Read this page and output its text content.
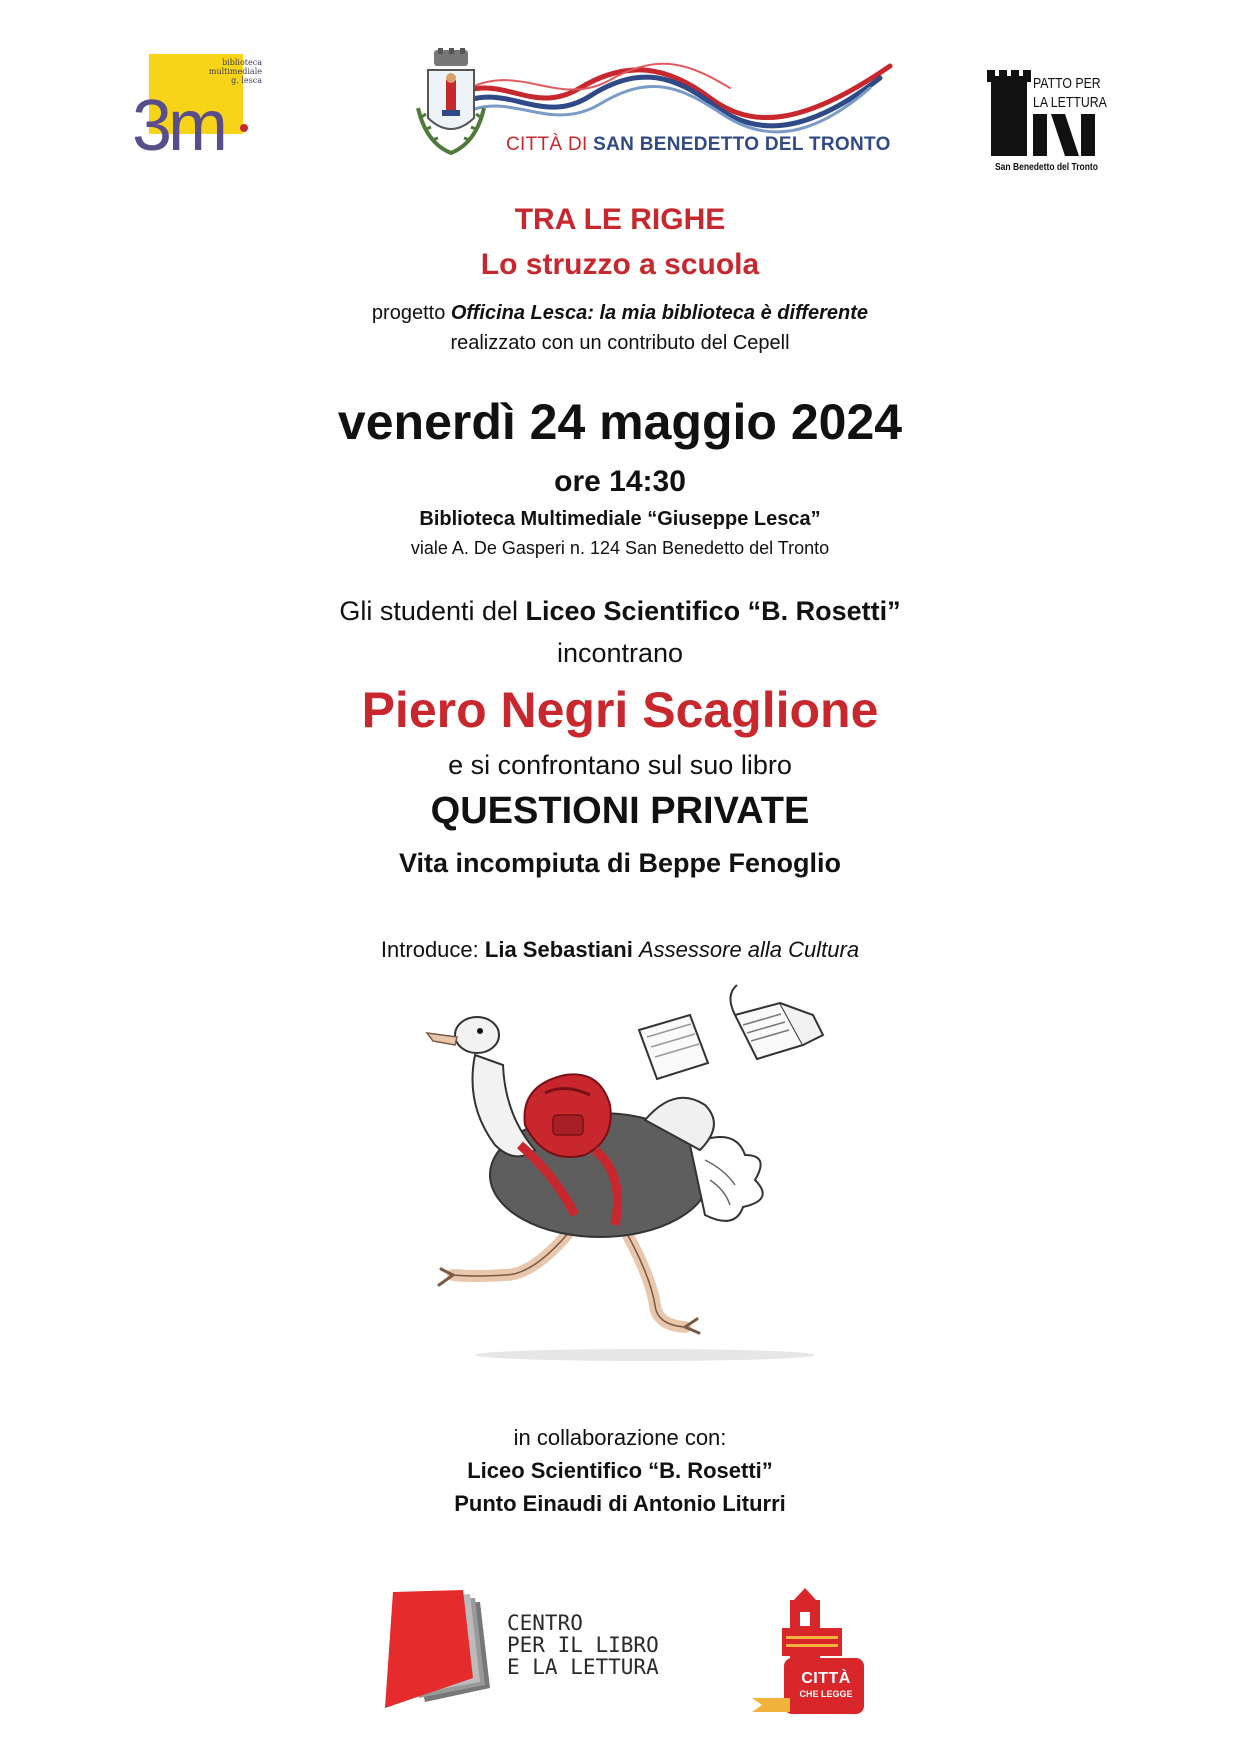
biblioteca
multimediale
g. lesca
3m	CITTÀ DI SAN BENEDETTO DEL TRONTO
PATTO PER
LA LETTURA
San Benedetto del Tronto
TRA LE RIGHE
Lo struzzo a scuola
progetto Officina Lesca: la mia biblioteca è differente
realizzato con un contributo del Cepell
venerdì 24 maggio 2024
ore 14:30
Biblioteca Multimediale “Giuseppe Lesca”
viale A. De Gasperi n. 124 San Benedetto del Tronto
Gli studenti del Liceo Scientifico “B. Rosetti”
incontrano
Piero Negri Scaglione
e si confrontano sul suo libro
QUESTIONI PRIVATE
Vita incompiuta di Beppe Fenoglio
Introduce: Lia Sebastiani Assessore alla Cultura
in collaborazione con:
Liceo Scientifico “B. Rosetti”
Punto Einaudi di Antonio Liturri
CENTRO
PER IL LIBRO
E LA LETTURA	CITTÀ
CHE LEGGE
